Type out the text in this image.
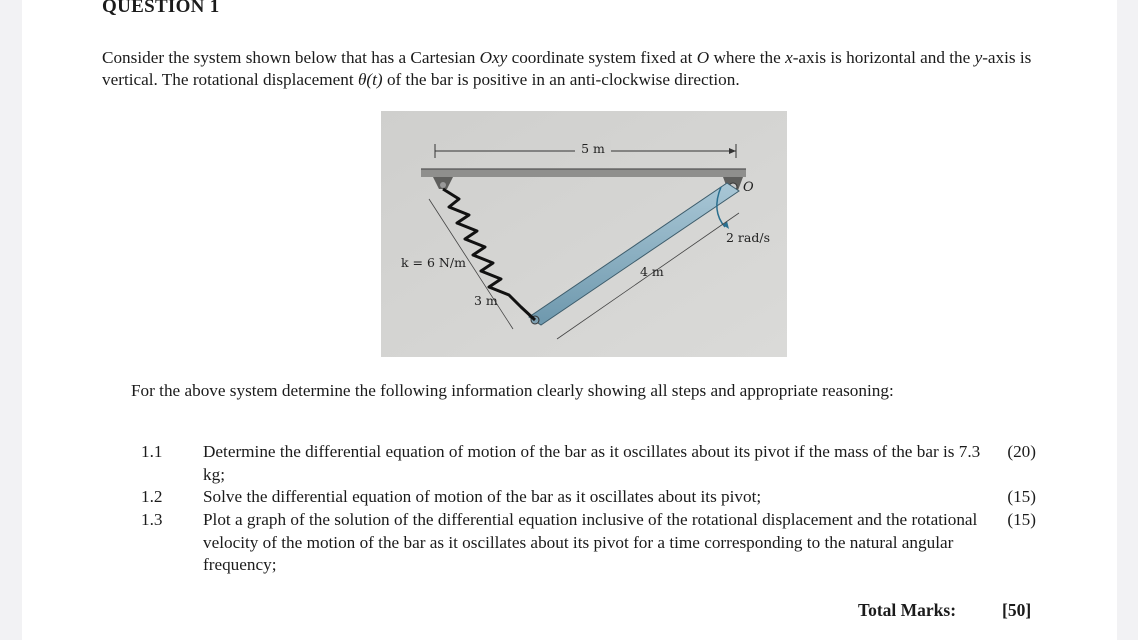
QUESTION 1
Consider the system shown below that has a Cartesian Oxy coordinate system fixed at O where the x-axis is horizontal and the y-axis is vertical. The rotational displacement θ(t) of the bar is positive in an anti-clockwise direction.
5 m
O
2 rad/s
k = 6 N/m
3 m
4 m
For the above system determine the following information clearly showing all steps and appropriate reasoning:
1.1 Determine the differential equation of motion of the bar as it oscillates about its pivot if the mass of the bar is 7.3 kg;
(20)
1.2 Solve the differential equation of motion of the bar as it oscillates about its pivot;	(15)
1.3 Plot a graph of the solution of the differential equation inclusive of the rotational displacement and the rotational velocity of the motion of the bar as it oscillates about its pivot for a time corresponding to the natural angular frequency;
(15)
Total Marks:	[50]
